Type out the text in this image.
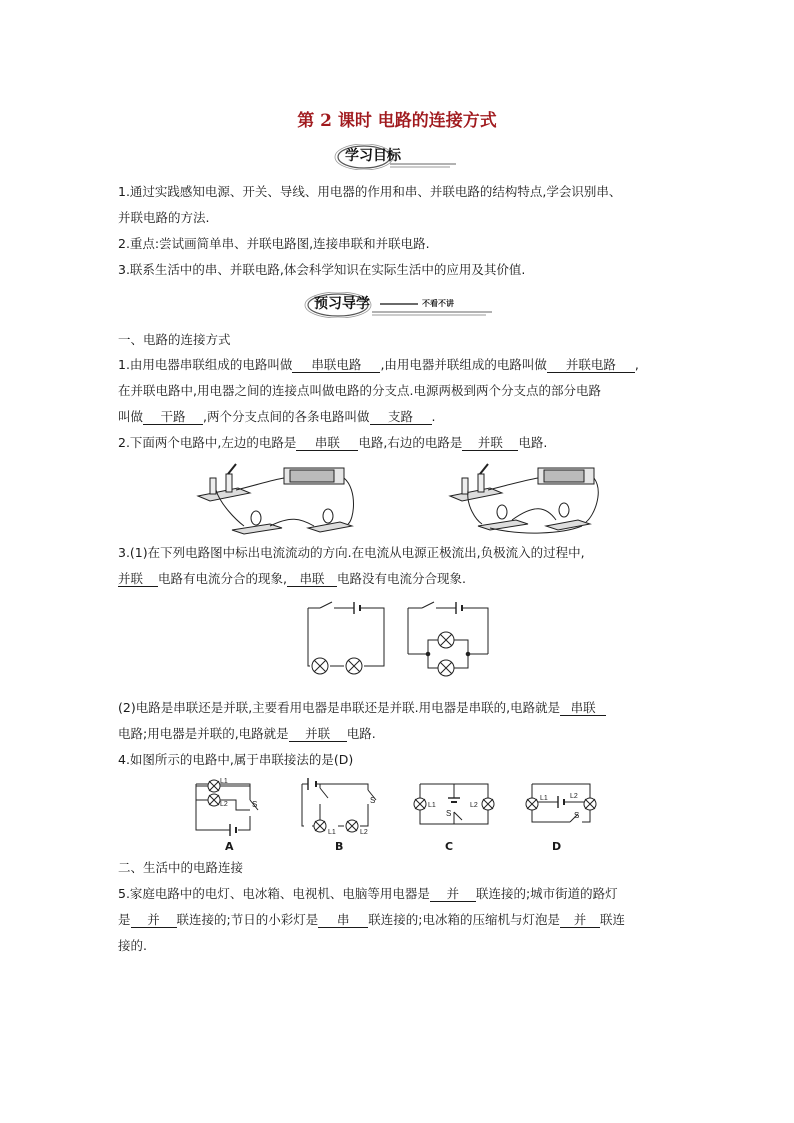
第 2 课时 电路的连接方式
学习目标
1.通过实践感知电源、开关、导线、用电器的作用和串、并联电路的结构特点,学会识别串、
并联电路的方法.
2.重点:尝试画简单串、并联电路图,连接串联和并联电路.
3.联系生活中的串、并联电路,体会科学知识在实际生活中的应用及其价值.
预习导学	不看不讲
一、电路的连接方式
1.由用电器串联组成的电路叫做 串联电路 ,由用电器并联组成的电路叫做 并联电路 ,
在并联电路中,用电器之间的连接点叫做电路的分支点.电源两极到两个分支点的部分电路
叫做 干路 ,两个分支点间的各条电路叫做 支路 .
2.下面两个电路中,左边的电路是 串联 电路,右边的电路是 并联 电路.
3.(1)在下列电路图中标出电流流动的方向.在电流从电源正极流出,负极流入的过程中,
并联 电路有电流分合的现象, 串联 电路没有电流分合现象.
(2)电路是串联还是并联,主要看用电器是串联还是并联.用电器是串联的,电路就是 串联
电路;用电器是并联的,电路就是 并联 电路.
4.如图所示的电路中,属于串联接法的是(D)
L1
L2	S	S
L1	L2
L1	L2
S
L1	L2
S
A	B	C	D
二、生活中的电路连接
5.家庭电路中的电灯、电冰箱、电视机、电脑等用电器是 并 联连接的;城市街道的路灯
是 并 联连接的;节日的小彩灯是 串 联连接的;电冰箱的压缩机与灯泡是 并 联连
接的.
